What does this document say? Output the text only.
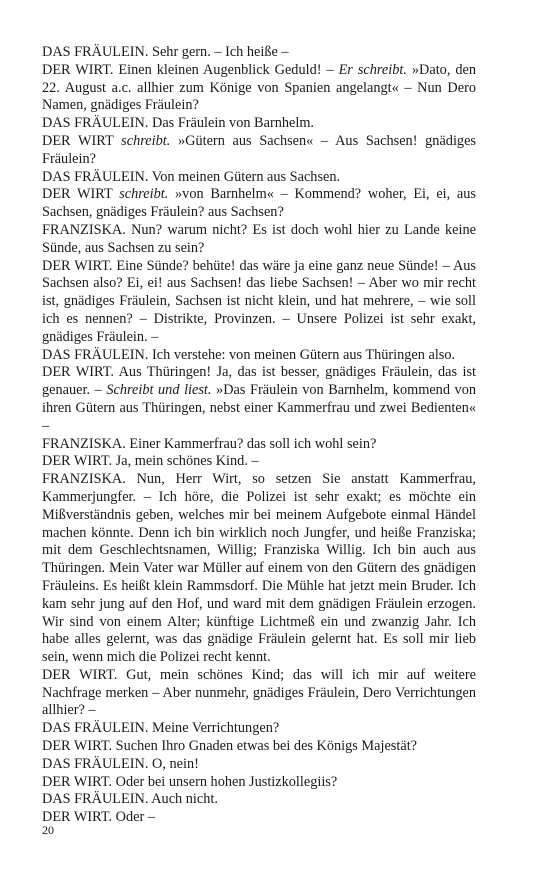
DAS FRÄULEIN. Sehr gern. – Ich heiße –

DER WIRT. Einen kleinen Augenblick Geduld! – Er schreibt. »Dato, den 22. August a.c. allhier zum Könige von Spanien angelangt« – Nun Dero Namen, gnädiges Fräulein?

DAS FRÄULEIN. Das Fräulein von Barnhelm.

DER WIRT schreibt. »Gütern aus Sachsen« – Aus Sachsen! gnädiges Fräulein?

DAS FRÄULEIN. Von meinen Gütern aus Sachsen.

DER WIRT schreibt. »von Barnhelm« – Kommend? woher, Ei, ei, aus Sachsen, gnädiges Fräulein? aus Sachsen?

FRANZISKA. Nun? warum nicht? Es ist doch wohl hier zu Lande keine Sünde, aus Sachsen zu sein?

DER WIRT. Eine Sünde? behüte! das wäre ja eine ganz neue Sünde! – Aus Sachsen also? Ei, ei! aus Sachsen! das liebe Sachsen! – Aber wo mir recht ist, gnädiges Fräulein, Sachsen ist nicht klein, und hat mehrere, – wie soll ich es nennen? – Distrikte, Provinzen. – Unsere Polizei ist sehr exakt, gnädiges Fräulein. –

DAS FRÄULEIN. Ich verstehe: von meinen Gütern aus Thüringen also.

DER WIRT. Aus Thüringen! Ja, das ist besser, gnädiges Fräulein, das ist genauer. – Schreibt und liest. »Das Fräulein von Barnhelm, kommend von ihren Gütern aus Thüringen, nebst einer Kammerfrau und zwei Bedienten« –

FRANZISKA. Einer Kammerfrau? das soll ich wohl sein?

DER WIRT. Ja, mein schönes Kind. –

FRANZISKA. Nun, Herr Wirt, so setzen Sie anstatt Kammerfrau, Kammerjungfer. – Ich höre, die Polizei ist sehr exakt; es möchte ein Mißverständnis geben, welches mir bei meinem Aufgebote einmal Händel machen könnte. Denn ich bin wirklich noch Jungfer, und heiße Franziska; mit dem Geschlechtsnamen, Willig; Franziska Willig. Ich bin auch aus Thüringen. Mein Vater war Müller auf einem von den Gütern des gnädigen Fräuleins. Es heißt klein Rammsdorf. Die Mühle hat jetzt mein Bruder. Ich kam sehr jung auf den Hof, und ward mit dem gnädigen Fräulein erzogen. Wir sind von einem Alter; künftige Lichtmeß ein und zwanzig Jahr. Ich habe alles gelernt, was das gnädige Fräulein gelernt hat. Es soll mir lieb sein, wenn mich die Polizei recht kennt.

DER WIRT. Gut, mein schönes Kind; das will ich mir auf weitere Nachfrage merken – Aber nunmehr, gnädiges Fräulein, Dero Verrichtungen allhier? –

DAS FRÄULEIN. Meine Verrichtungen?

DER WIRT. Suchen Ihro Gnaden etwas bei des Königs Majestät?

DAS FRÄULEIN. O, nein!

DER WIRT. Oder bei unsern hohen Justizkollegiis?

DAS FRÄULEIN. Auch nicht.

DER WIRT. Oder –

20
